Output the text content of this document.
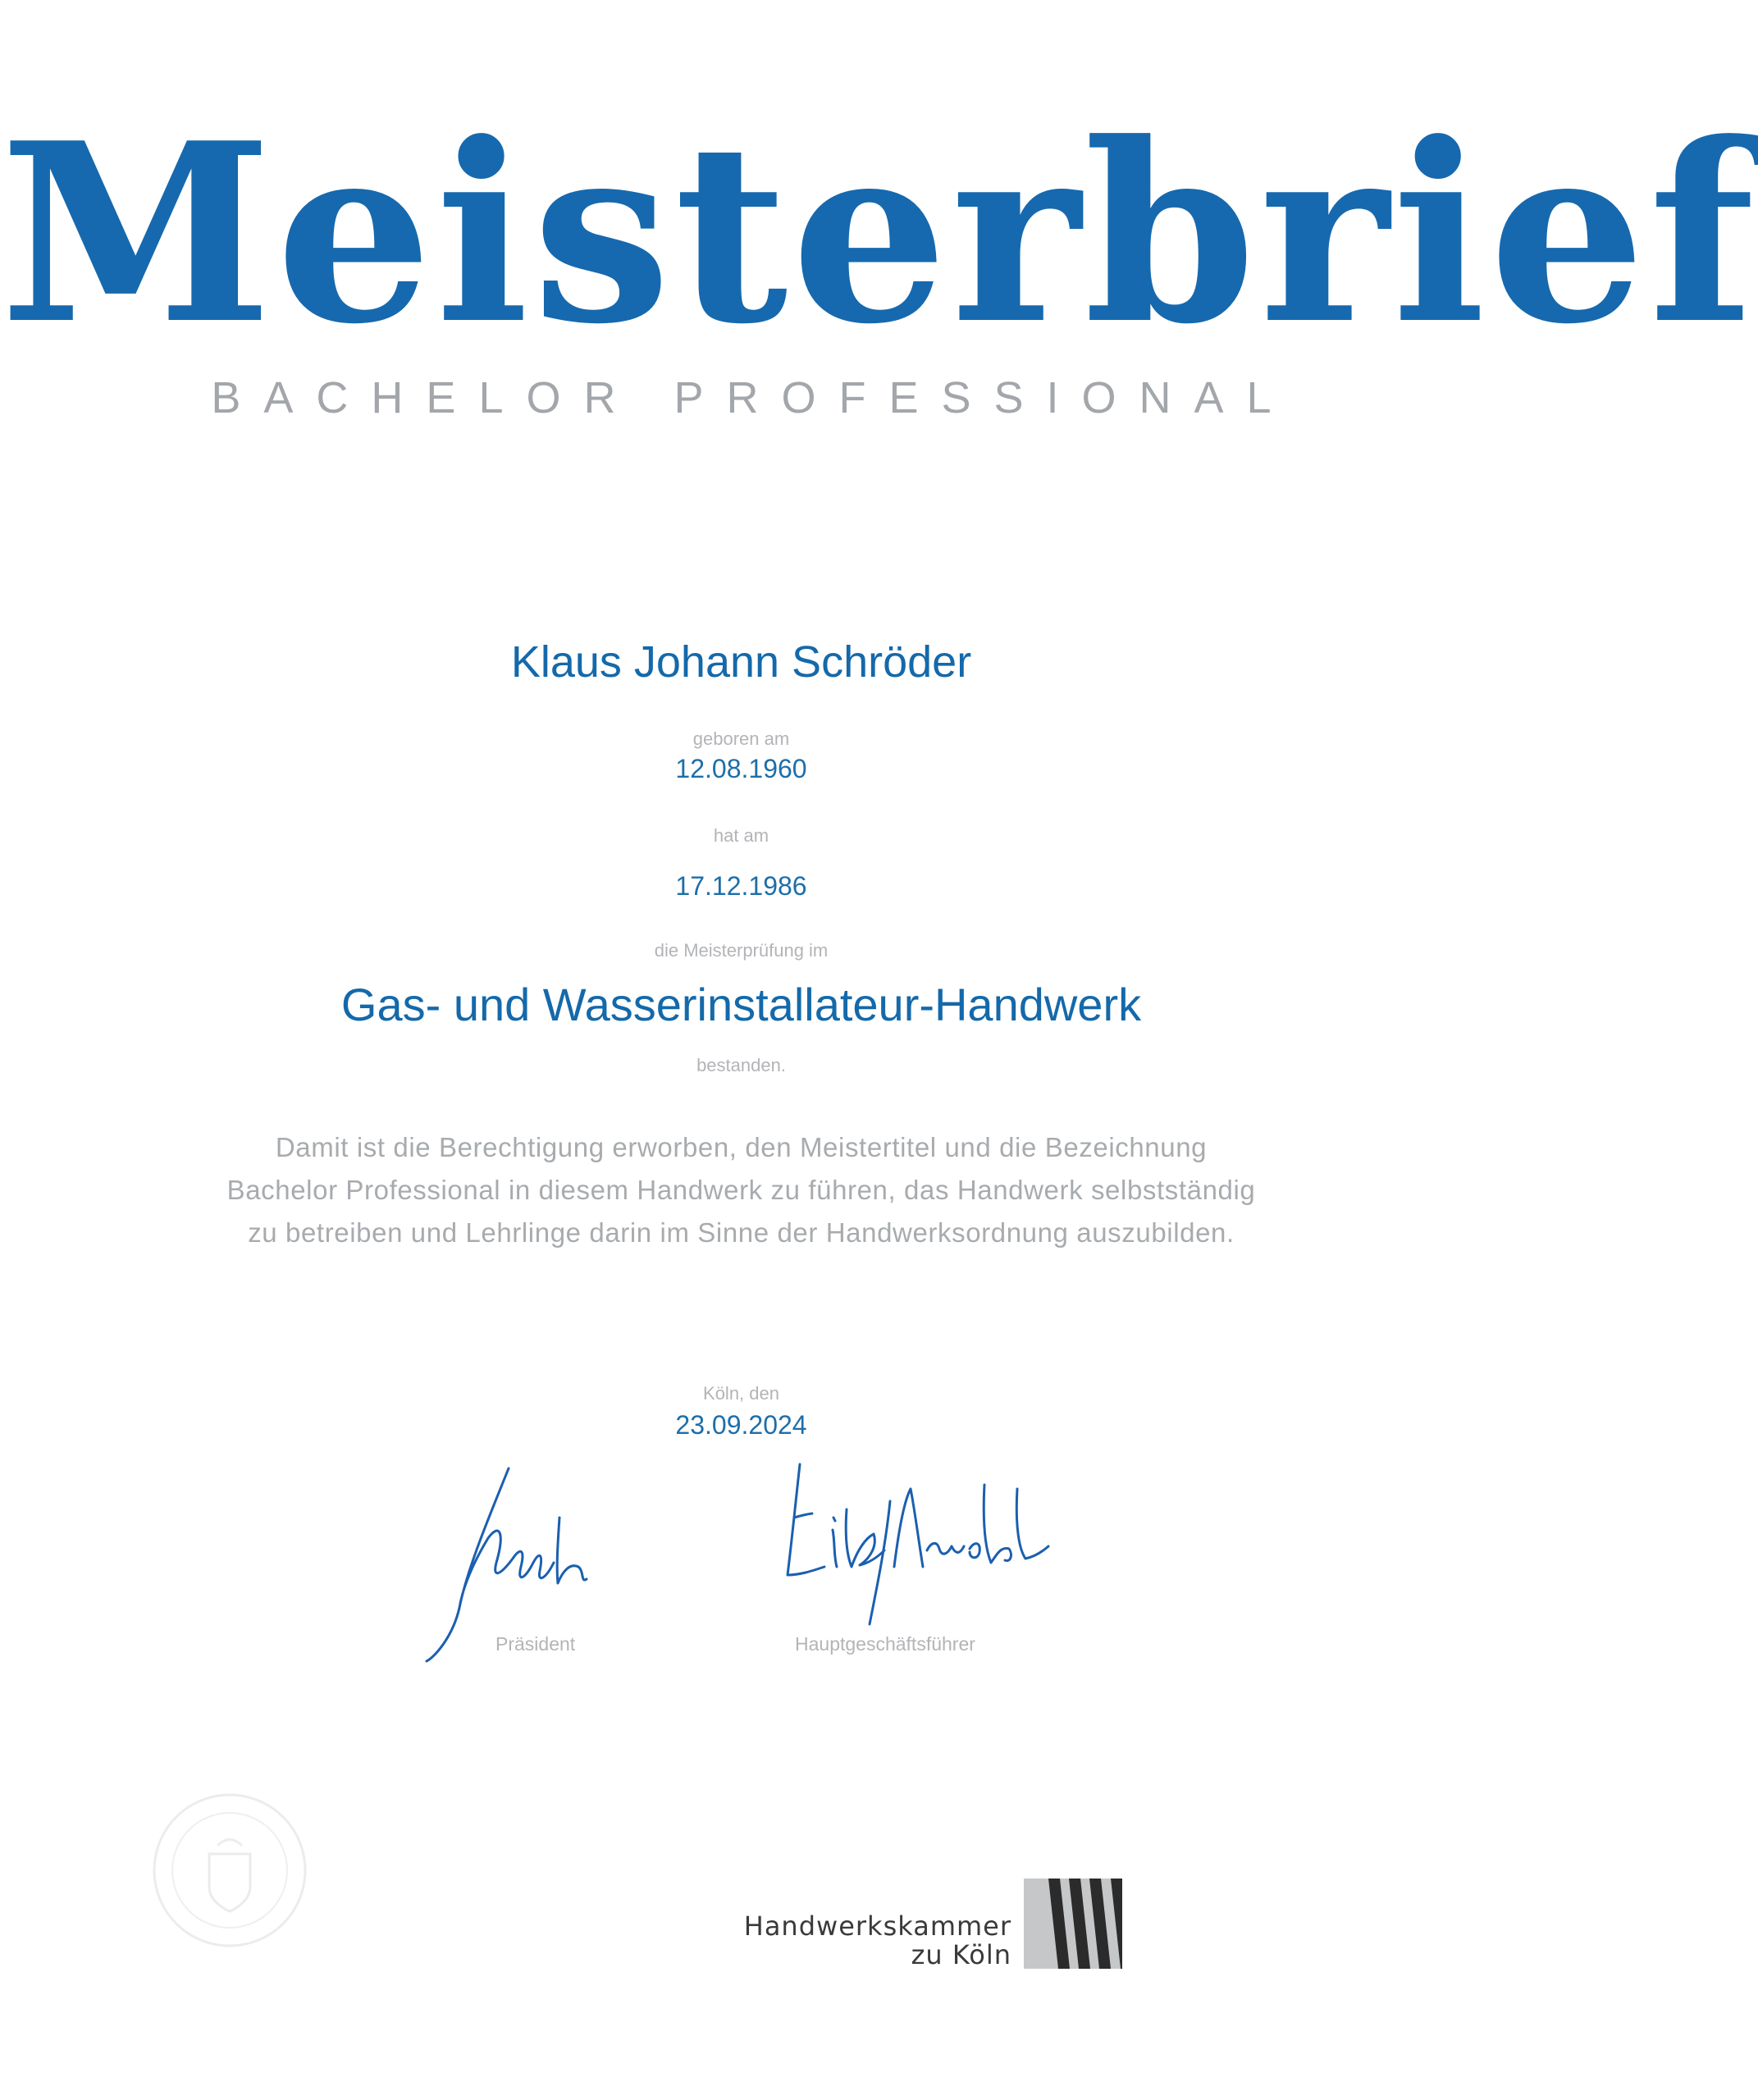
Meisterbrief
BACHELOR PROFESSIONAL
Klaus Johann Schröder
geboren am
12.08.1960
hat am
17.12.1986
die Meisterprüfung im
Gas- und Wasserinstallateur-Handwerk
bestanden.
Damit ist die Berechtigung erworben, den Meistertitel und die Bezeichnung
Bachelor Professional in diesem Handwerk zu führen, das Handwerk selbstständig
zu betreiben und Lehrlinge darin im Sinne der Handwerksordnung auszubilden.
Köln, den
23.09.2024
Präsident	Hauptgeschäftsführer
Handwerkskammer
zu Köln
